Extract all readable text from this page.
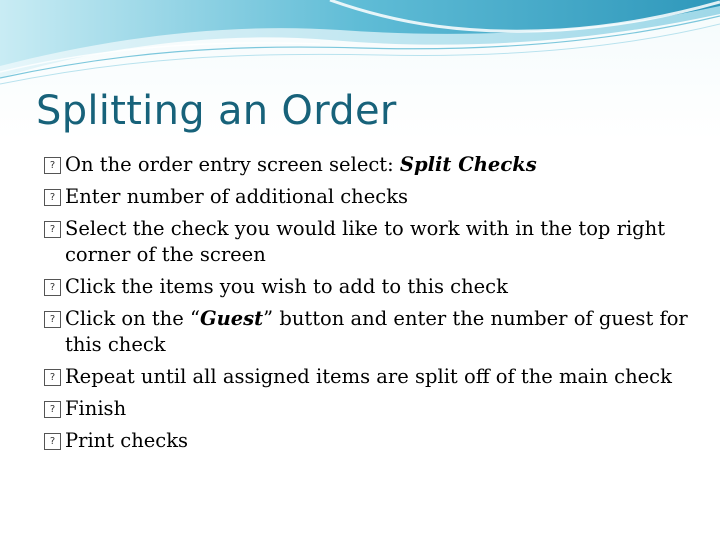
Splitting an Order
? On the order entry screen select: Split Checks
? Enter number of additional checks
? Select the check you would like to work with in the top right corner of the screen
? Click the items you wish to add to this check
? Click on the “Guest” button and enter the number of guest for this check
? Repeat until all assigned items are split off of the main check
? Finish
? Print checks
